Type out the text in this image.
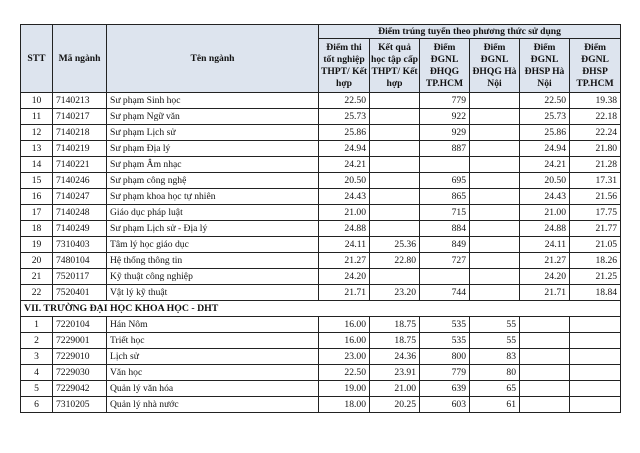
STT	Mã ngành	Tên ngành	Điểm trúng tuyển theo phương thức sử dụng					
			Điểm thi tốt nghiệp THPT/ Kết hợp	Kết quả học tập cấp THPT/ Kết hợp	Điểm ĐGNL ĐHQG TP.HCM	Điểm ĐGNL ĐHQG Hà Nội	Điểm ĐGNL ĐHSP Hà Nội	Điểm ĐGNL ĐHSP TP.HCM
10	7140213	Sư phạm Sinh học	22.50		779		22.50	19.38
11	7140217	Sư phạm Ngữ văn	25.73		922		25.73	22.18
12	7140218	Sư phạm Lịch sử	25.86		929		25.86	22.24
13	7140219	Sư phạm Địa lý	24.94		887		24.94	21.80
14	7140221	Sư phạm Âm nhạc	24.21				24.21	21.28
15	7140246	Sư phạm công nghệ	20.50		695		20.50	17.31
16	7140247	Sư phạm khoa học tự nhiên	24.43		865		24.43	21.56
17	7140248	Giáo dục pháp luật	21.00		715		21.00	17.75
18	7140249	Sư phạm Lịch sử - Địa lý	24.88		884		24.88	21.77
19	7310403	Tâm lý học giáo dục	24.11	25.36	849		24.11	21.05
20	7480104	Hệ thống thông tin	21.27	22.80	727		21.27	18.26
21	7520117	Kỹ thuật công nghiệp	24.20				24.20	21.25
22	7520401	Vật lý kỹ thuật	21.71	23.20	744		21.71	18.84
VII. TRƯỜNG ĐẠI HỌC KHOA HỌC - DHT								
1	7220104	Hán Nôm	16.00	18.75	535	55		
2	7229001	Triết học	16.00	18.75	535	55		
3	7229010	Lịch sử	23.00	24.36	800	83		
4	7229030	Văn học	22.50	23.91	779	80		
5	7229042	Quản lý văn hóa	19.00	21.00	639	65		
6	7310205	Quản lý nhà nước	18.00	20.25	603	61		
